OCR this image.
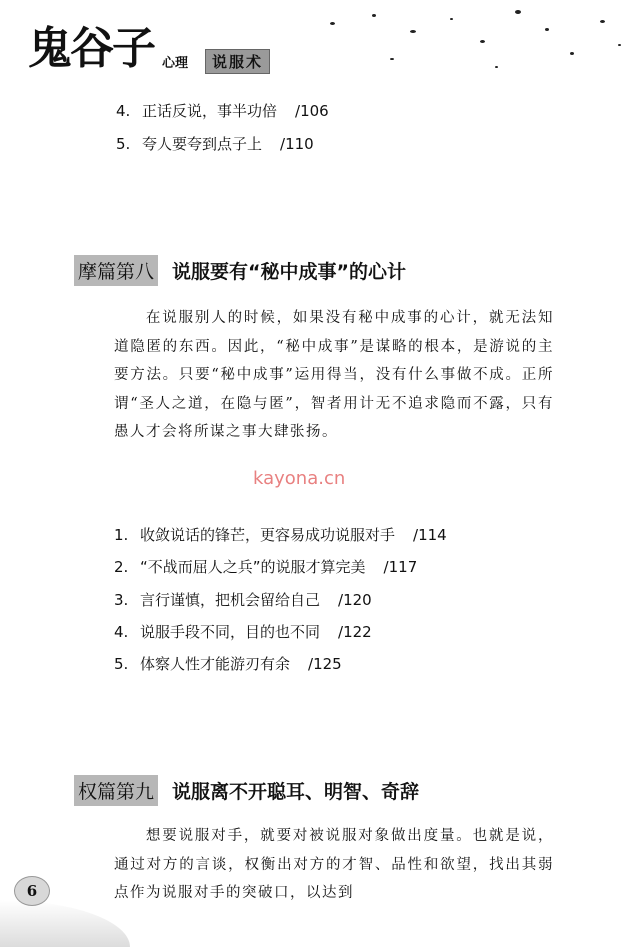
鬼谷子 心理	说服术
4. 正话反说，事半功倍 /106
5. 夸人要夸到点子上 /110
摩篇第八 说服要有“秘中成事”的心计
在说服别人的时候，如果没有秘中成事的心计，就无法知道隐匿的东西。因此，“秘中成事”是谋略的根本，是游说的主要方法。只要“秘中成事”运用得当，没有什么事做不成。正所谓“圣人之道，在隐与匿”，智者用计无不追求隐而不露，只有愚人才会将所谋之事大肆张扬。
kayona.cn
1. 收敛说话的锋芒，更容易成功说服对手 /114
2. “不战而屈人之兵”的说服才算完美 /117
3. 言行谨慎，把机会留给自己 /120
4. 说服手段不同，目的也不同 /122
5. 体察人性才能游刃有余 /125
权篇第九 说服离不开聪耳、明智、奇辞
想要说服对手，就要对被说服对象做出度量。也就是说，通过对方的言谈，权衡出对方的才智、品性和欲望，找出其弱点作为说服对手的突破口，以达到
6
